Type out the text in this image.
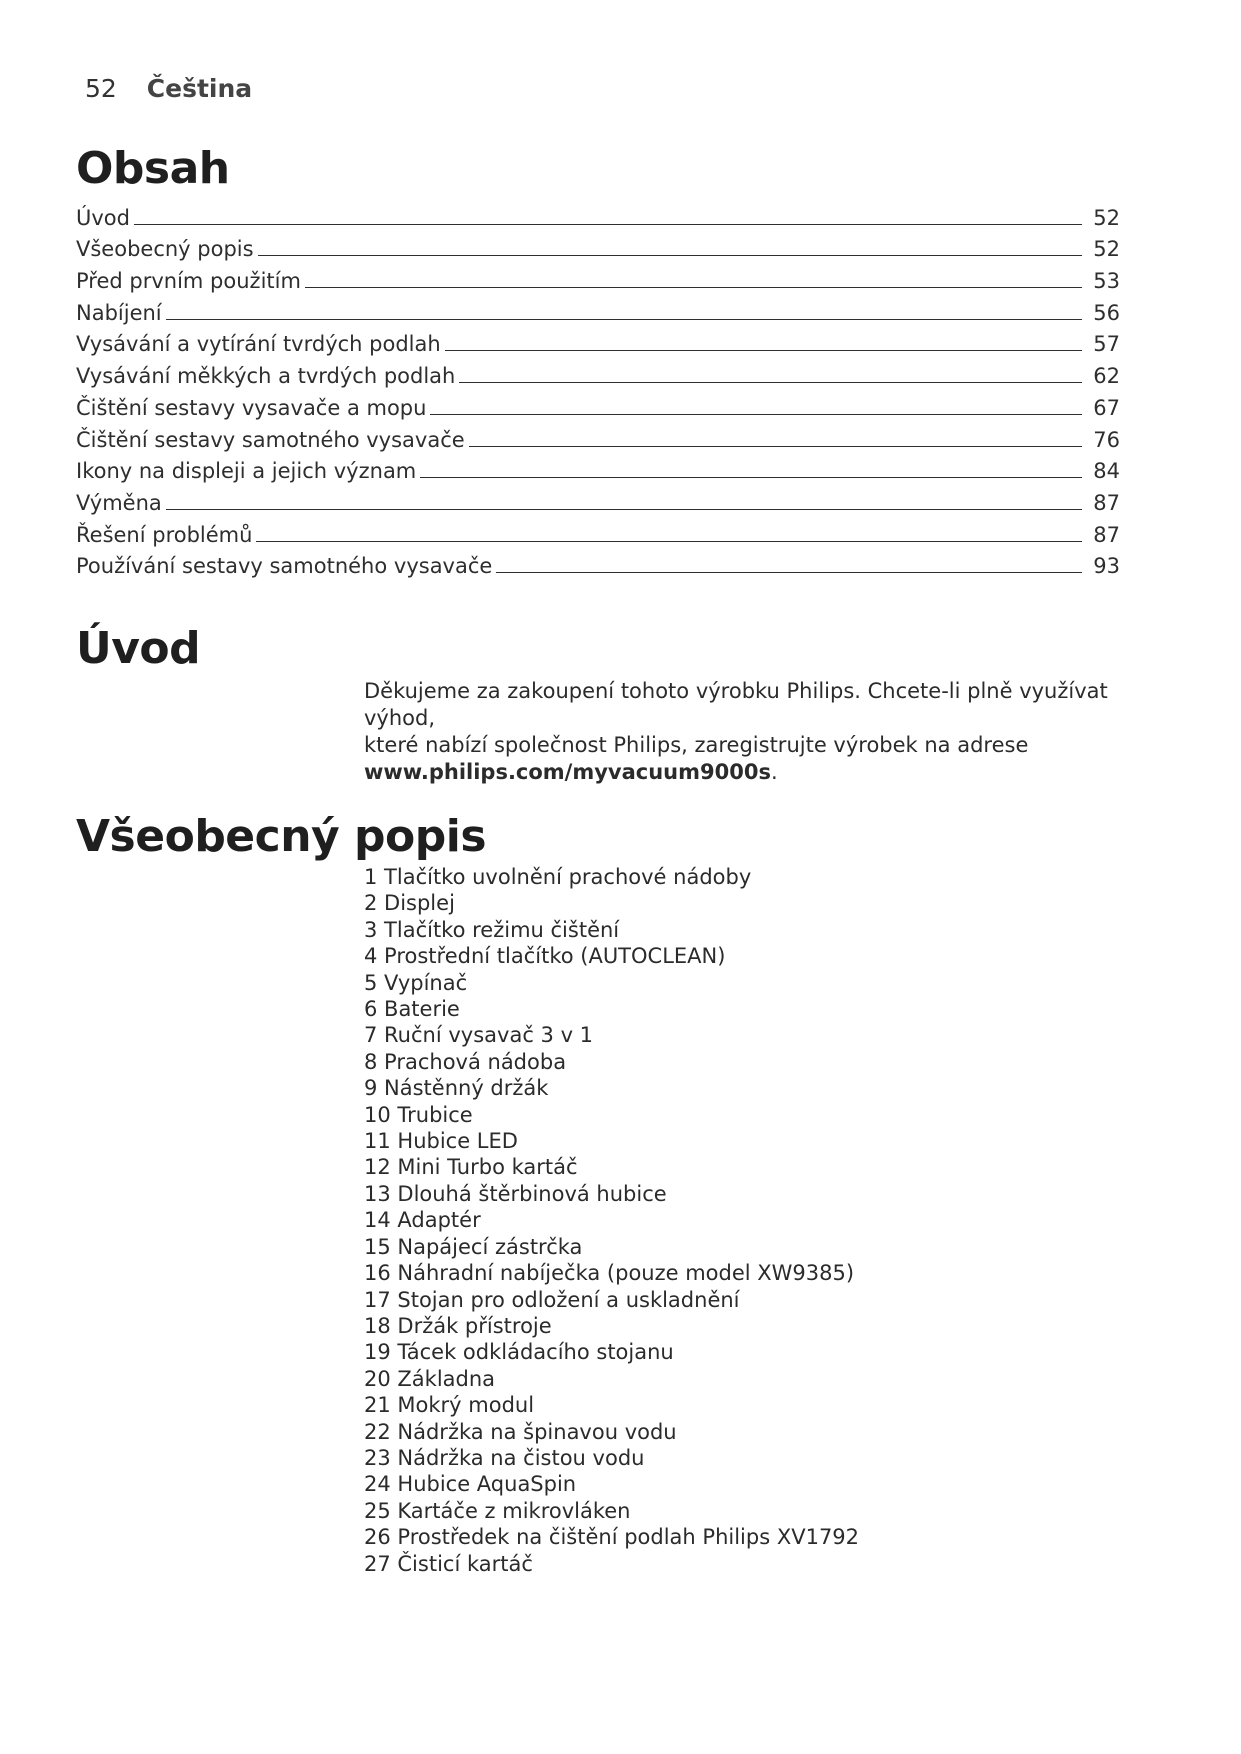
52 Čeština
Obsah
Úvod	52
Všeobecný popis	52
Před prvním použitím	53
Nabíjení	56
Vysávání a vytírání tvrdých podlah	57
Vysávání měkkých a tvrdých podlah	62
Čištění sestavy vysavače a mopu	67
Čištění sestavy samotného vysavače	76
Ikony na displeji a jejich význam	84
Výměna	87
Řešení problémů	87
Používání sestavy samotného vysavače	93
Úvod
Děkujeme za zakoupení tohoto výrobku Philips. Chcete-li plně využívat výhod,
které nabízí společnost Philips, zaregistrujte výrobek na adrese
www.philips.com/myvacuum9000s.
Všeobecný popis
1 Tlačítko uvolnění prachové nádoby
2 Displej
3 Tlačítko režimu čištění
4 Prostřední tlačítko (AUTOCLEAN)
5 Vypínač
6 Baterie
7 Ruční vysavač 3 v 1
8 Prachová nádoba
9 Nástěnný držák
10 Trubice
11 Hubice LED
12 Mini Turbo kartáč
13 Dlouhá štěrbinová hubice
14 Adaptér
15 Napájecí zástrčka
16 Náhradní nabíječka (pouze model XW9385)
17 Stojan pro odložení a uskladnění
18 Držák přístroje
19 Tácek odkládacího stojanu
20 Základna
21 Mokrý modul
22 Nádržka na špinavou vodu
23 Nádržka na čistou vodu
24 Hubice AquaSpin
25 Kartáče z mikrovláken
26 Prostředek na čištění podlah Philips XV1792
27 Čisticí kartáč
